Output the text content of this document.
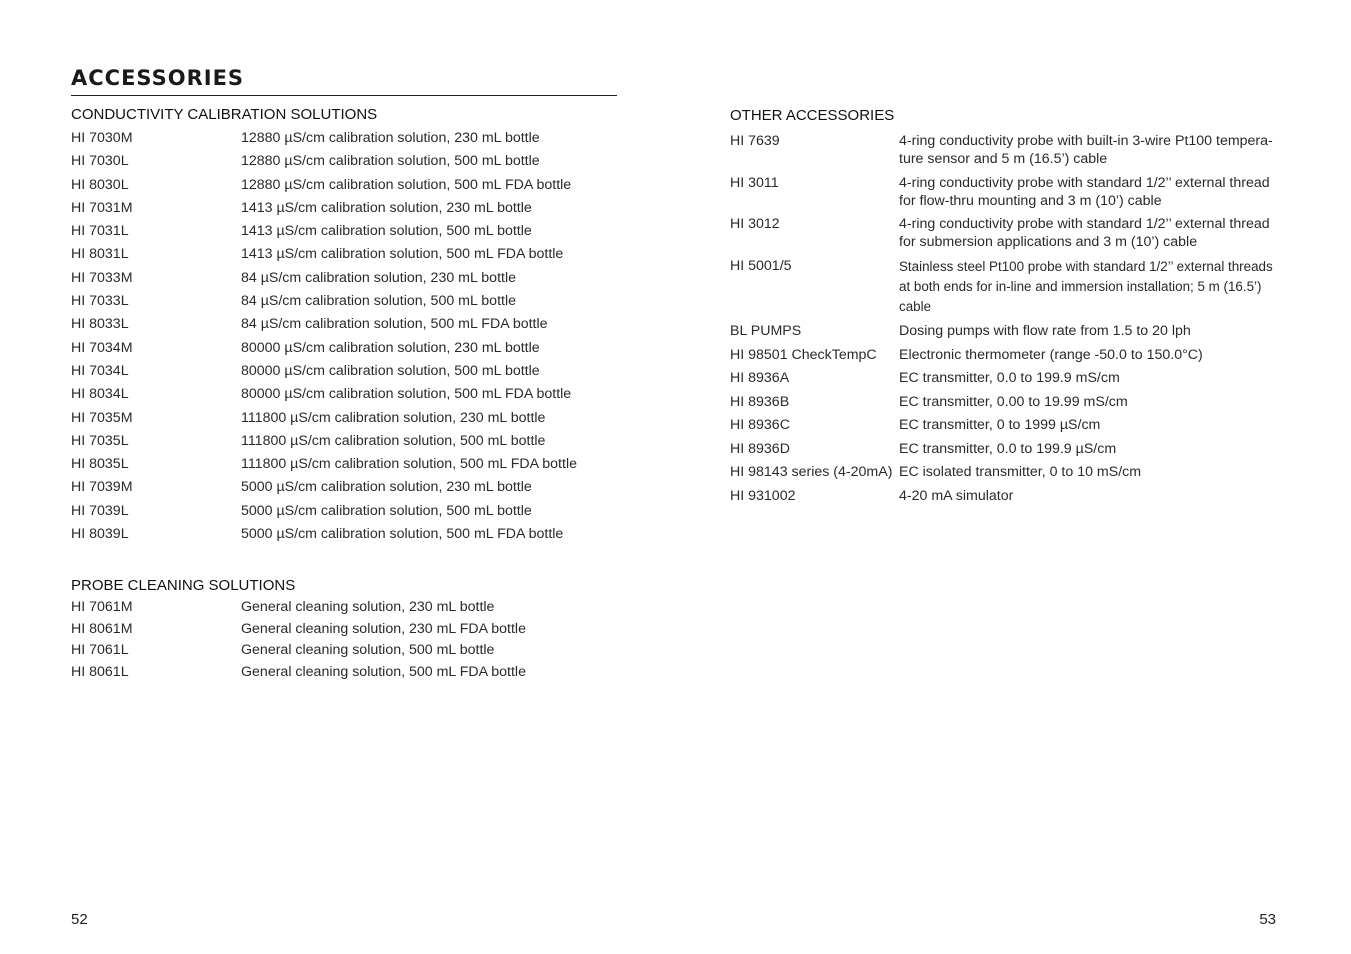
ACCESSORIES
CONDUCTIVITY CALIBRATION SOLUTIONS
HI 7030M	12880 µS/cm calibration solution, 230 mL bottle
HI 7030L	12880 µS/cm calibration solution, 500 mL bottle
HI 8030L	12880 µS/cm calibration solution, 500 mL FDA bottle
HI 7031M	1413 µS/cm calibration solution, 230 mL bottle
HI 7031L	1413 µS/cm calibration solution, 500 mL bottle
HI 8031L	1413 µS/cm calibration solution, 500 mL FDA bottle
HI 7033M	84 µS/cm calibration solution, 230 mL bottle
HI 7033L	84 µS/cm calibration solution, 500 mL bottle
HI 8033L	84 µS/cm calibration solution, 500 mL FDA bottle
HI 7034M	80000 µS/cm calibration solution, 230 mL bottle
HI 7034L	80000 µS/cm calibration solution, 500 mL bottle
HI 8034L	80000 µS/cm calibration solution, 500 mL FDA bottle
HI 7035M	111800 µS/cm calibration solution, 230 mL bottle
HI 7035L	111800 µS/cm calibration solution, 500 mL bottle
HI 8035L	111800 µS/cm calibration solution, 500 mL FDA bottle
HI 7039M	5000 µS/cm calibration solution, 230 mL bottle
HI 7039L	5000 µS/cm calibration solution, 500 mL bottle
HI 8039L	5000 µS/cm calibration solution, 500 mL FDA bottle
PROBE CLEANING SOLUTIONS
HI 7061M	General cleaning solution, 230 mL bottle
HI 8061M	General cleaning solution, 230 mL FDA bottle
HI 7061L	General cleaning solution, 500 mL bottle
HI 8061L	General cleaning solution, 500 mL FDA bottle
52
OTHER ACCESSORIES
HI 7639	4-ring conductivity probe with built-in 3-wire Pt100 tempera- ture sensor and 5 m (16.5’) cable
HI 3011	4-ring conductivity probe with standard 1/2’’ external thread for flow-thru mounting and 3 m (10’) cable
HI 3012	4-ring conductivity probe with standard 1/2’’ external thread for submersion applications and 3 m (10’) cable
HI 5001/5	Stainless steel Pt100 probe with standard 1/2’’ external threads at both ends for in-line and immersion installation; 5 m (16.5’) cable
BL PUMPS	Dosing pumps with flow rate from 1.5 to 20 lph
HI 98501 CheckTempC	Electronic thermometer (range -50.0 to 150.0°C)
HI 8936A	EC transmitter, 0.0 to 199.9 mS/cm
HI 8936B	EC transmitter, 0.00 to 19.99 mS/cm
HI 8936C	EC transmitter, 0 to 1999 µS/cm
HI 8936D	EC transmitter, 0.0 to 199.9 µS/cm
HI 98143 series (4-20mA) EC isolated transmitter, 0 to 10 mS/cm
HI 931002	4-20 mA simulator
53
